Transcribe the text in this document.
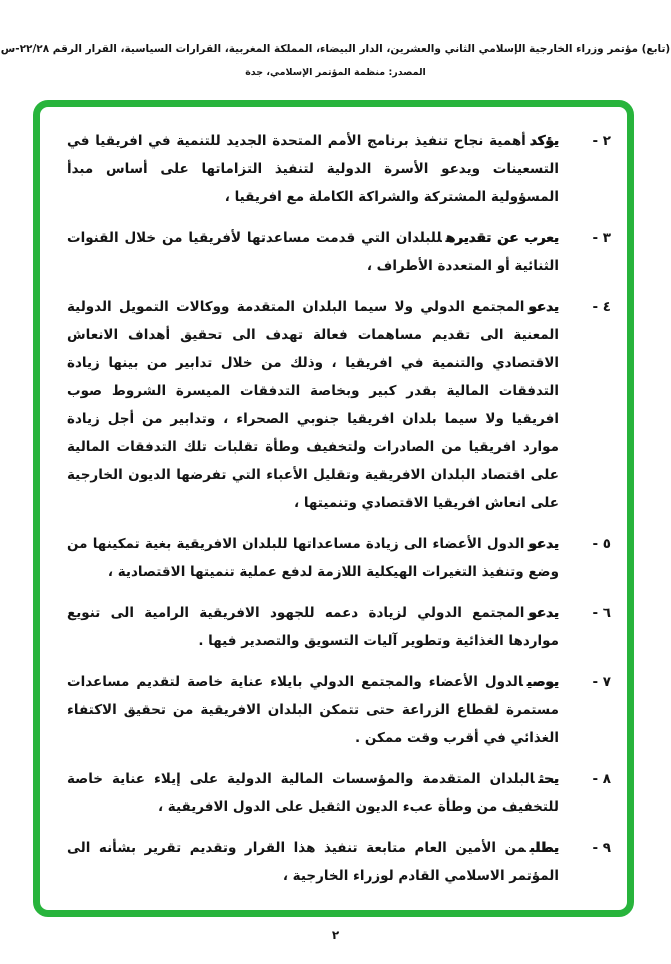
(تابع) مؤتمر وزراء الخارجية الإسلامي الثاني والعشرين، الدار البيضاء، المملكة المغربية، القرارات السياسية، القرار الرقم ٢٢/٢٨-س
المصدر: منظمة المؤتمر الإسلامي، جدة
٢ -
يؤكدأهمية نجاح تنفيذ برنامج الأمم المتحدة الجديد للتنمية في افريقيا في التسعينات ويدعو الأسرة الدولية لتنفيذ التزاماتها على أساس مبدأ المسؤولية المشتركة والشراكة الكاملة مع افريقيا ،
٣ -
يعرب عن تقديرهللبلدان التي قدمت مساعدتها لأفريقيا من خلال القنوات الثنائية أو المتعددة الأطراف ،
٤ -
يدعوالمجتمع الدولي ولا سيما البلدان المتقدمة ووكالات التمويل الدولية المعنية الى تقديم مساهمات فعالة تهدف الى تحقيق أهداف الانعاش الاقتصادي والتنمية في افريقيا ، وذلك من خلال تدابير من بينها زيادة التدفقات المالية بقدر كبير وبخاصة التدفقات الميسرة الشروط صوب افريقيا ولا سيما بلدان افريقيا جنوبي الصحراء ، وتدابير من أجل زيادة موارد افريقيا من الصادرات ولتخفيف وطأة تقلبات تلك التدفقات المالية على اقتصاد البلدان الافريقية وتقليل الأعباء التي تفرضها الديون الخارجية على انعاش افريقيا الاقتصادي وتنميتها ،
٥ -
يدعوالدول الأعضاء الى زيادة مساعداتها للبلدان الافريقية بغية تمكينها من وضع وتنفيذ التغيرات الهيكلية اللازمة لدفع عملية تنميتها الاقتصادية ،
٦ -
يدعوالمجتمع الدولي لزيادة دعمه للجهود الافريقية الرامية الى تنويع مواردها الغذائية وتطوير آليات التسويق والتصدير فيها .
٧ -
يوصيالدول الأعضاء والمجتمع الدولي بايلاء عناية خاصة لتقديم مساعدات مستمرة لقطاع الزراعة حتى تتمكن البلدان الافريقية من تحقيق الاكتفاء الغذائي في أقرب وقت ممكن .
٨ -
يحثالبلدان المتقدمة والمؤسسات المالية الدولية على إيلاء عناية خاصة للتخفيف من وطأة عبء الديون الثقيل على الدول الافريقية ،
٩ -
يطلبمن الأمين العام متابعة تنفيذ هذا القرار وتقديم تقرير بشأنه الى المؤتمر الاسلامي القادم لوزراء الخارجية ،
٢
